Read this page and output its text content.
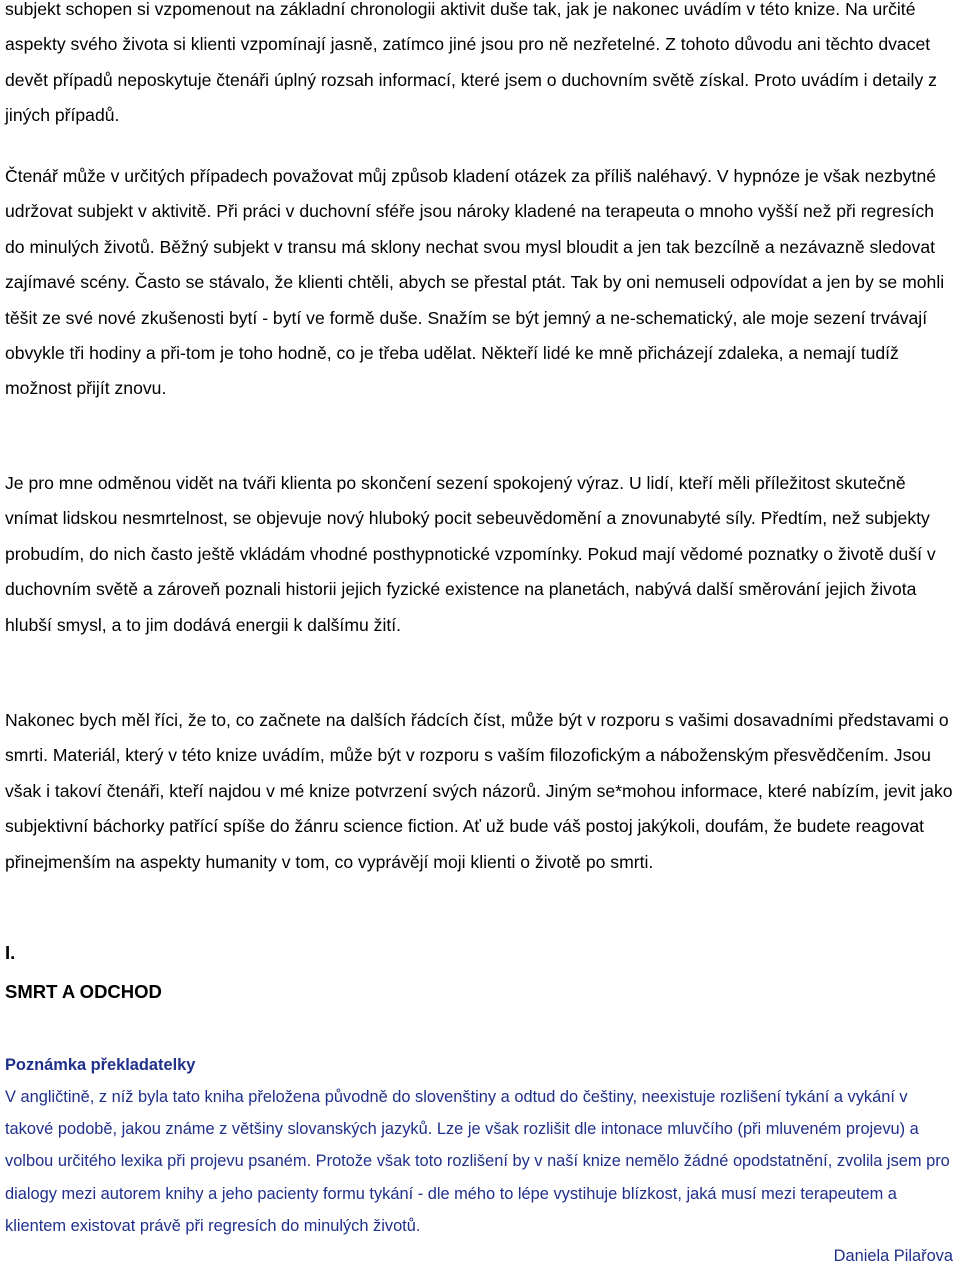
subjekt schopen si vzpomenout na základní chronologii aktivit duše tak, jak je nakonec uvádím v této knize. Na určité aspekty svého života si klienti vzpomínají jasně, zatímco jiné jsou pro ně nezřetelné. Z tohoto důvodu ani těchto dvacet devět případů neposkytuje čtenáři úplný rozsah informací, které jsem o duchovním světě získal. Proto uvádím i detaily z jiných případů.

Čtenář může v určitých případech považovat můj způsob kladení otázek za příliš naléhavý. V hypnóze je však nezbytné udržovat subjekt v aktivitě. Při práci v duchovní sféře jsou nároky kladené na terapeuta o mnoho vyšší než při regresích do minulých životů. Běžný subjekt v transu má sklony nechat svou mysl bloudit a jen tak bezcílně a nezávazně sledovat zajímavé scény. Často se stávalo, že klienti chtěli, abych se přestal ptát. Tak by oni nemuseli odpovídat a jen by se mohli těšit ze své nové zkušenosti bytí - bytí ve formě duše. Snažím se být jemný a ne-schematický, ale moje sezení trvávají obvykle tři hodiny a při-tom je toho hodně, co je třeba udělat. Někteří lidé ke mně přicházejí zdaleka, a nemají tudíž možnost přijít znovu.

Je pro mne odměnou vidět na tváři klienta po skončení sezení spokojený výraz. U lidí, kteří měli příležitost skutečně vnímat lidskou nesmrtelnost, se objevuje nový hluboký pocit sebeuvědomění a znovunabyté síly. Předtím, než subjekty probudím, do nich často ještě vkládám vhodné posthypnotické vzpomínky. Pokud mají vědomé poznatky o životě duší v duchovním světě a zároveň poznali historii jejich fyzické existence na planetách, nabývá další směrování jejich života hlubší smysl, a to jim dodává energii k dalšímu žití.

Nakonec bych měl říci, že to, co začnete na dalších řádcích číst, může být v rozporu s vašimi dosavadními představami o smrti. Materiál, který v této knize uvádím, může být v rozporu s vaším filozofickým a náboženským přesvědčením. Jsou však i takoví čtenáři, kteří najdou v mé knize potvrzení svých názorů. Jiným se*mohou informace, které nabízím, jevit jako subjektivní báchorky patřící spíše do žánru science fiction. Ať už bude váš postoj jakýkoli, doufám, že budete reagovat přinejmenším na aspekty humanity v tom, co vyprávějí moji klienti o životě po smrti.

I.

SMRT A ODCHOD

Poznámka překladatelky

V angličtině, z níž byla tato kniha přeložena původně do slovenštiny a odtud do češtiny, neexistuje rozlišení tykání a vykání v takové podobě, jakou známe z většiny slovanských jazyků. Lze je však rozlišit dle intonace mluvčího (při mluveném projevu) a volbou určitého lexika při projevu psaném. Protože však toto rozlišení by v naší knize nemělo žádné opodstatnění, zvolila jsem pro dialogy mezi autorem knihy a jeho pacienty formu tykání - dle mého to lépe vystihuje blízkost, jaká musí mezi terapeutem a klientem existovat právě při regresích do minulých životů.

Daniela Pilařova
